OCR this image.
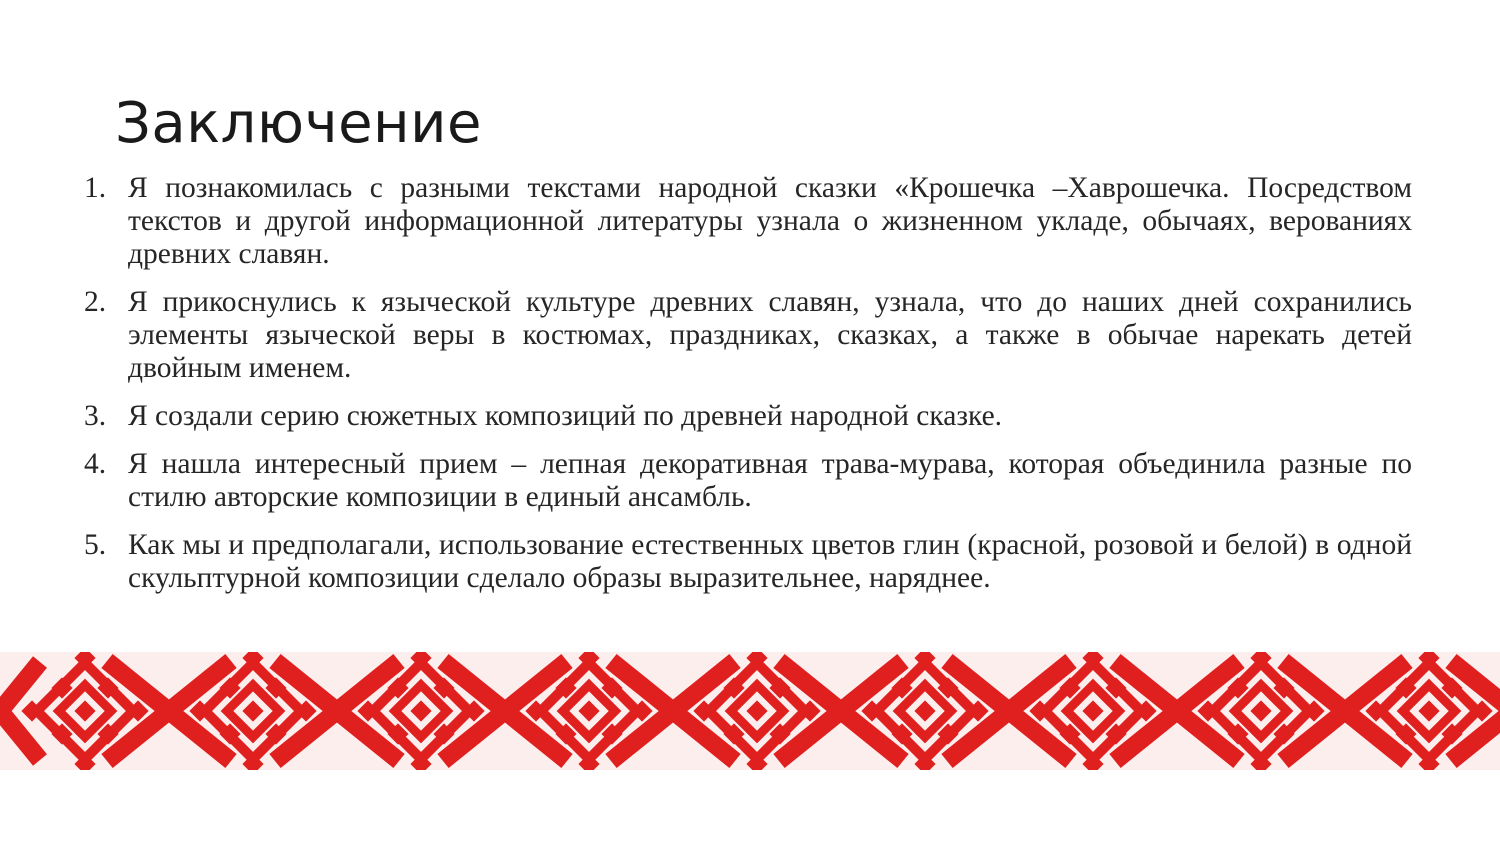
Заключение
1. Я познакомилась с разными текстами народной сказки «Крошечка –Хаврошечка. Посредством текстов и другой информационной литературы узнала о жизненном укладе, обычаях, верованиях древних славян.
2. Я прикоснулись к языческой культуре древних славян, узнала, что до наших дней сохранились элементы языческой веры в костюмах, праздниках, сказках, а также в обычае нарекать детей двойным именем.
3. Я создали серию сюжетных композиций по древней народной сказке.
4. Я нашла интересный прием – лепная декоративная трава-мурава, которая объединила разные по стилю авторские композиции в единый ансамбль.
5. Как мы и предполагали, использование естественных цветов глин (красной, розовой и белой) в одной скульптурной композиции сделало образы выразительнее, наряднее.
